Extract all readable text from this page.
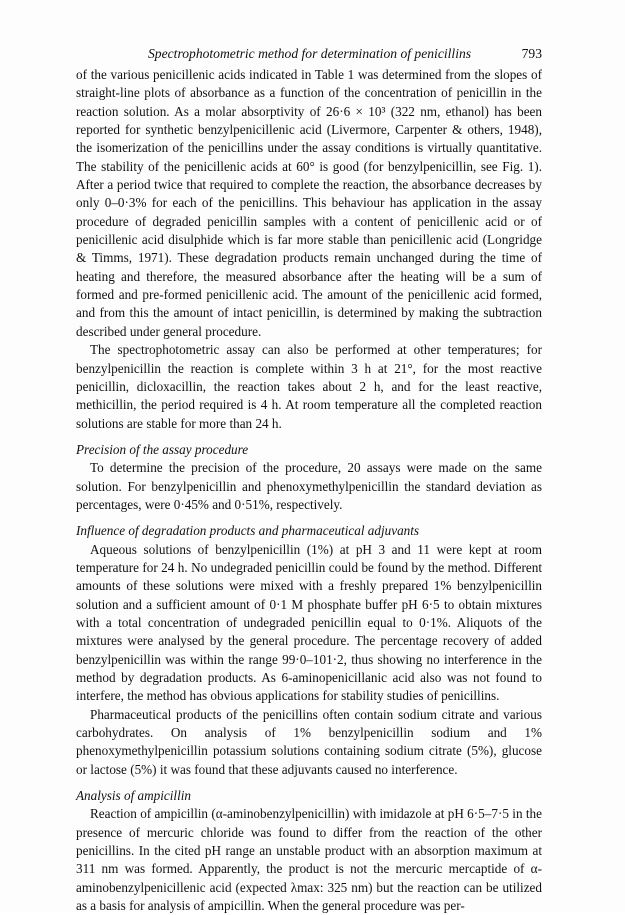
Spectrophotometric method for determination of penicillins	793

of the various penicillenic acids indicated in Table 1 was determined from the slopes of straight-line plots of absorbance as a function of the concentration of penicillin in the reaction solution. As a molar absorptivity of 26·6 × 10³ (322 nm, ethanol) has been reported for synthetic benzylpenicillenic acid (Livermore, Carpenter & others, 1948), the isomerization of the penicillins under the assay conditions is virtually quantitative. The stability of the penicillenic acids at 60° is good (for benzylpenicillin, see Fig. 1). After a period twice that required to complete the reaction, the absorbance decreases by only 0–0·3% for each of the penicillins. This behaviour has application in the assay procedure of degraded penicillin samples with a content of penicillenic acid or of penicillenic acid disulphide which is far more stable than penicillenic acid (Longridge & Timms, 1971). These degradation products remain unchanged during the time of heating and therefore, the measured absorbance after the heating will be a sum of formed and pre-formed penicillenic acid. The amount of the penicillenic acid formed, and from this the amount of intact penicillin, is determined by making the subtraction described under general procedure.

The spectrophotometric assay can also be performed at other temperatures; for benzylpenicillin the reaction is complete within 3 h at 21°, for the most reactive penicillin, dicloxacillin, the reaction takes about 2 h, and for the least reactive, methicillin, the period required is 4 h. At room temperature all the completed reaction solutions are stable for more than 24 h.

Precision of the assay procedure

To determine the precision of the procedure, 20 assays were made on the same solution. For benzylpenicillin and phenoxymethylpenicillin the standard deviation as percentages, were 0·45% and 0·51%, respectively.

Influence of degradation products and pharmaceutical adjuvants

Aqueous solutions of benzylpenicillin (1%) at pH 3 and 11 were kept at room temperature for 24 h. No undegraded penicillin could be found by the method. Different amounts of these solutions were mixed with a freshly prepared 1% benzylpenicillin solution and a sufficient amount of 0·1 M phosphate buffer pH 6·5 to obtain mixtures with a total concentration of undegraded penicillin equal to 0·1%. Aliquots of the mixtures were analysed by the general procedure. The percentage recovery of added benzylpenicillin was within the range 99·0–101·2, thus showing no interference in the method by degradation products. As 6-aminopenicillanic acid also was not found to interfere, the method has obvious applications for stability studies of penicillins.

Pharmaceutical products of the penicillins often contain sodium citrate and various carbohydrates. On analysis of 1% benzylpenicillin sodium and 1% phenoxymethylpenicillin potassium solutions containing sodium citrate (5%), glucose or lactose (5%) it was found that these adjuvants caused no interference.

Analysis of ampicillin

Reaction of ampicillin (α-aminobenzylpenicillin) with imidazole at pH 6·5–7·5 in the presence of mercuric chloride was found to differ from the reaction of the other penicillins. In the cited pH range an unstable product with an absorption maximum at 311 nm was formed. Apparently, the product is not the mercuric mercaptide of α-aminobenzylpenicillenic acid (expected λmax: 325 nm) but the reaction can be utilized as a basis for analysis of ampicillin. When the general procedure was per-
